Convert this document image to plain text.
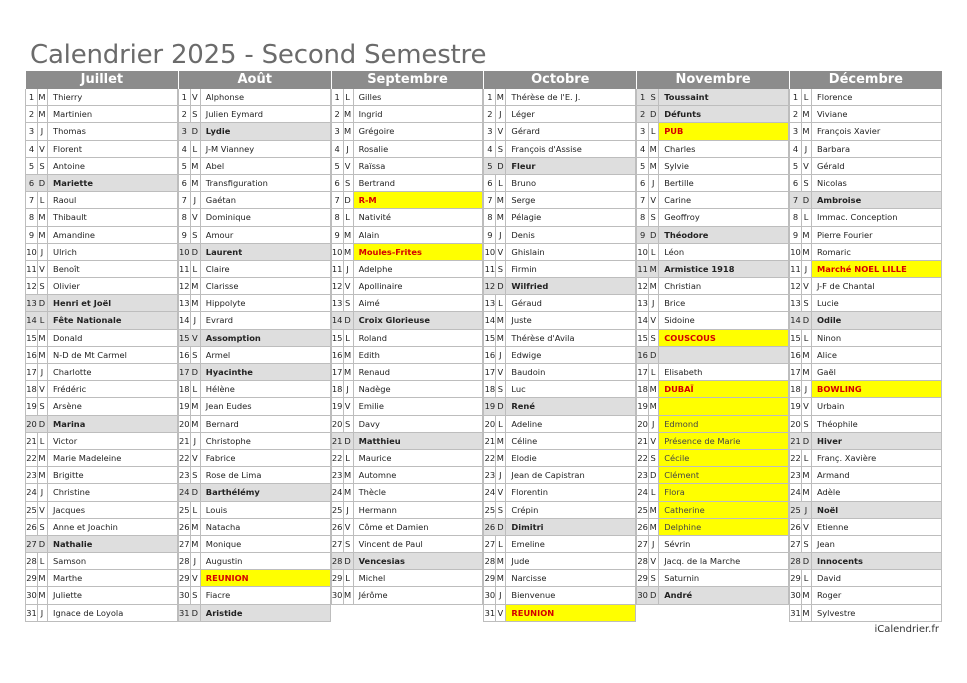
Calendrier 2025 - Second Semestre
Juillet
1 M Thierry
2 M Martinien
3 J	Thomas
4 V Florent
5 S	Antoine
6 D Mariette
7 L	Raoul
8 M Thibault
9 M Amandine
10 J	Ulrich
11 V Benoît
12 S	Olivier
13 D Henri et Joël
14 L	Fête Nationale
15 M Donald
16 M N-D de Mt Carmel
17 J	Charlotte
18 V Frédéric
19 S	Arsène
20 D Marina
21 L	Victor
22 M Marie Madeleine
23 M Brigitte
24 J	Christine
25 V Jacques
26 S	Anne et Joachin
27 D Nathalie
28 L	Samson
29 M Marthe
30 M Juliette
31 J	Ignace de Loyola
Août
1 V Alphonse
2 S	Julien Eymard
3 D Lydie
4 L	J-M Vianney
5 M Abel
6 M Transfiguration
7 J	Gaétan
8 V Dominique
9 S	Amour
10 D Laurent
11 L	Claire
12 M Clarisse
13 M Hippolyte
14 J	Evrard
15 V Assomption
16 S	Armel
17 D Hyacinthe
18 L	Hélène
19 M Jean Eudes
20 M Bernard
21 J	Christophe
22 V Fabrice
23 S	Rose de Lima
24 D Barthélémy
25 L	Louis
26 M Natacha
27 M Monique
28 J	Augustin
29 V REUNION
30 S	Fiacre
31 D Aristide
Septembre
1 L	Gilles
2 M Ingrid
3 M Grégoire
4 J	Rosalie
5 V Raïssa
6 S	Bertrand
7 D R-M
8 L	Nativité
9 M Alain
10 M Moules-Frites
11 J	Adelphe
12 V Apollinaire
13 S	Aimé
14 D Croix Glorieuse
15 L	Roland
16 M Edith
17 M Renaud
18 J	Nadège
19 V Emilie
20 S	Davy
21 D Matthieu
22 L	Maurice
23 M Automne
24 M Thècle
25 J	Hermann
26 V Côme et Damien
27 S	Vincent de Paul
28 D Vencesias
29 L	Michel
30 M Jérôme
Octobre
1 M Thérèse de l'E. J.
2 J	Léger
3 V Gérard
4 S	François d'Assise
5 D Fleur
6 L	Bruno
7 M Serge
8 M Pélagie
9 J	Denis
10 V Ghislain
11 S	Firmin
12 D Wilfried
13 L	Géraud
14 M Juste
15 M Thérèse d'Avila
16 J	Edwige
17 V Baudoin
18 S	Luc
19 D René
20 L	Adeline
21 M Céline
22 M Elodie
23 J	Jean de Capistran
24 V Florentin
25 S	Crépin
26 D Dimitri
27 L	Emeline
28 M Jude
29 M Narcisse
30 J	Bienvenue
31 V REUNION
Novembre
1 S	Toussaint
2 D Défunts
3 L	PUB
4 M Charles
5 M Sylvie
6 J	Bertille
7 V Carine
8 S	Geoffroy
9 D Théodore
10 L	Léon
11 M Armistice 1918
12 M Christian
13 J	Brice
14 V Sidoine
15 S	COUSCOUS
16 D
17 L	Elisabeth
18 M DUBAÏ
19 M
20 J	Edmond
21 V Présence de Marie
22 S	Cécile
23 D Clément
24 L	Flora
25 M Catherine
26 M Delphine
27 J	Sévrin
28 V Jacq. de la Marche
29 S	Saturnin
30 D André
Décembre
1 L	Florence
2 M Viviane
3 M François Xavier
4 J	Barbara
5 V Gérald
6 S	Nicolas
7 D Ambroise
8 L	Immac. Conception
9 M Pierre Fourier
10 M Romaric
11 J	Marché NOEL LILLE
12 V J-F de Chantal
13 S	Lucie
14 D Odile
15 L	Ninon
16 M Alice
17 M Gaël
18 J	BOWLING
19 V Urbain
20 S	Théophile
21 D Hiver
22 L	Franç. Xavière
23 M Armand
24 M Adèle
25 J	Noël
26 V Etienne
27 S	Jean
28 D Innocents
29 L	David
30 M Roger
31 M Sylvestre
iCalendrier.fr
